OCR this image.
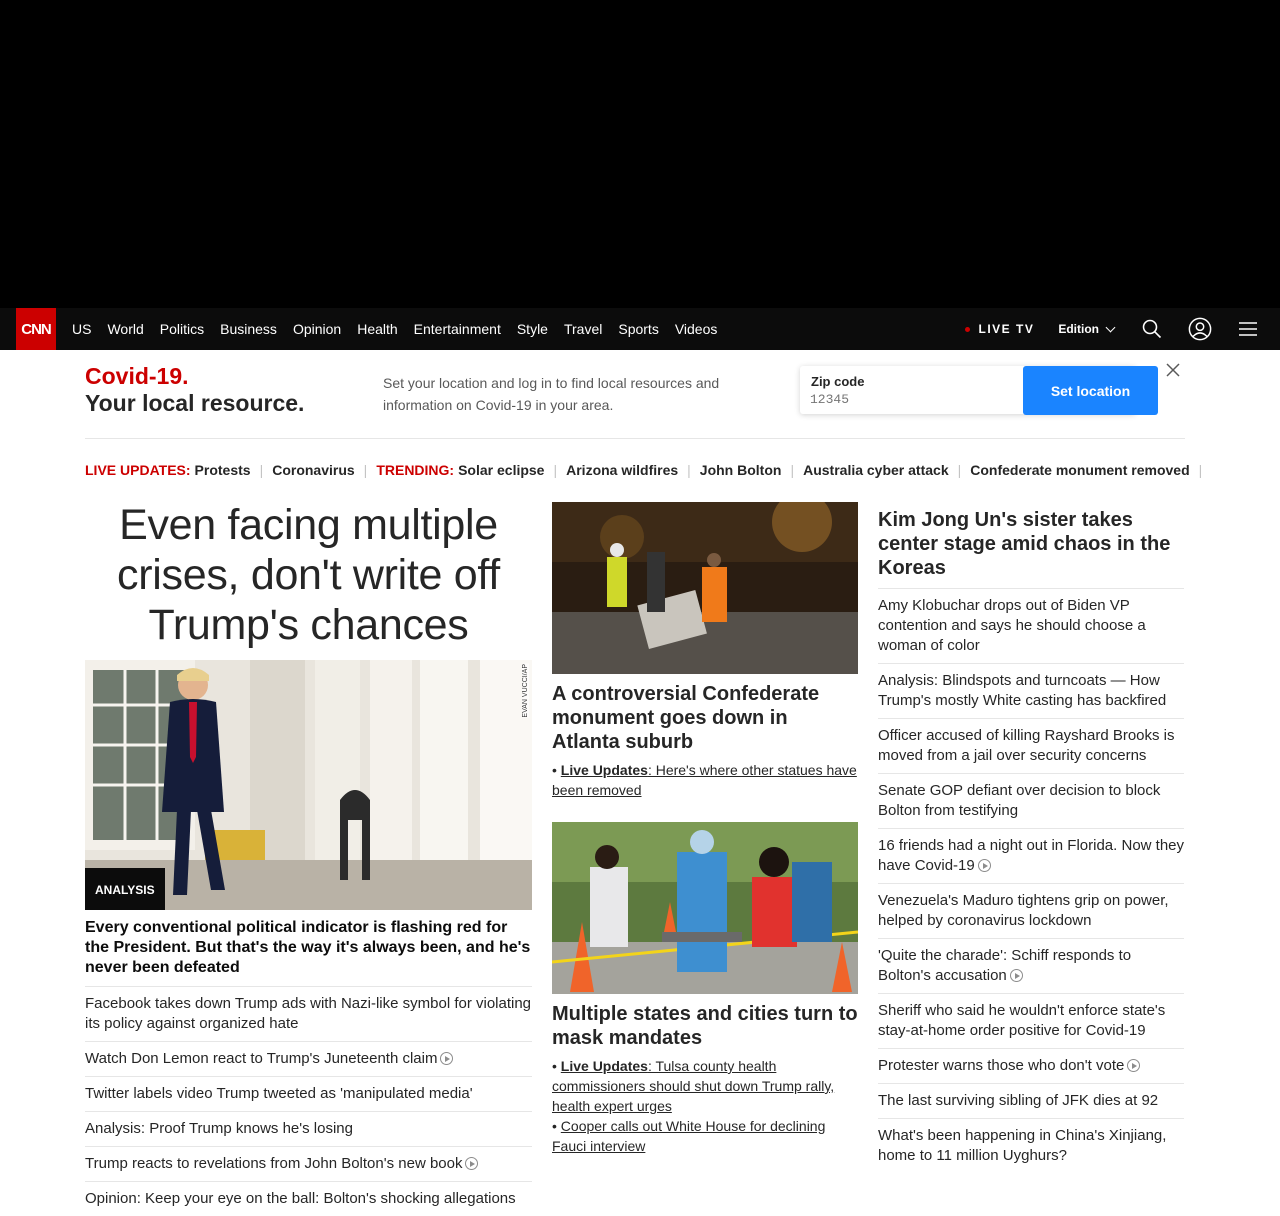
CNN	US World Politics Business Opinion Health Entertainment Style Travel Sports Videos	LIVE TV Edition
Covid-19.
Your local resource.
Set your location and log in to find local resources and information on Covid-19 in your area.
Zip code
12345
Set location
LIVE UPDATES: Protests | Coronavirus | TRENDING: Solar eclipse | Arizona wildfires | John Bolton | Australia cyber attack | Confederate monument removed |
Even facing multiple crises, don't write off Trump's chances
EVAN VUCCI/AP
ANALYSIS
Every conventional political indicator is flashing red for the President. But that's the way it's always been, and he's never been defeated
Facebook takes down Trump ads with Nazi-like symbol for violating its policy against organized hate
Watch Don Lemon react to Trump's Juneteenth claim
Twitter labels video Trump tweeted as 'manipulated media'
Analysis: Proof Trump knows he's losing
Trump reacts to revelations from John Bolton's new book
Opinion: Keep your eye on the ball: Bolton's shocking allegations
A controversial Confederate monument goes down in Atlanta suburb
• Live Updates: Here's where other statues have been removed
Multiple states and cities turn to mask mandates
• Live Updates: Tulsa county health commissioners should shut down Trump rally, health expert urges
• Cooper calls out White House for declining Fauci interview
Kim Jong Un's sister takes center stage amid chaos in the Koreas
Amy Klobuchar drops out of Biden VP contention and says he should choose a woman of color
Analysis: Blindspots and turncoats — How Trump's mostly White casting has backfired
Officer accused of killing Rayshard Brooks is moved from a jail over security concerns
Senate GOP defiant over decision to block Bolton from testifying
16 friends had a night out in Florida. Now they have Covid-19
Venezuela's Maduro tightens grip on power, helped by coronavirus lockdown
'Quite the charade': Schiff responds to Bolton's accusation
Sheriff who said he wouldn't enforce state's stay-at-home order positive for Covid-19
Protester warns those who don't vote
The last surviving sibling of JFK dies at 92
What's been happening in China's Xinjiang, home to 11 million Uyghurs?
